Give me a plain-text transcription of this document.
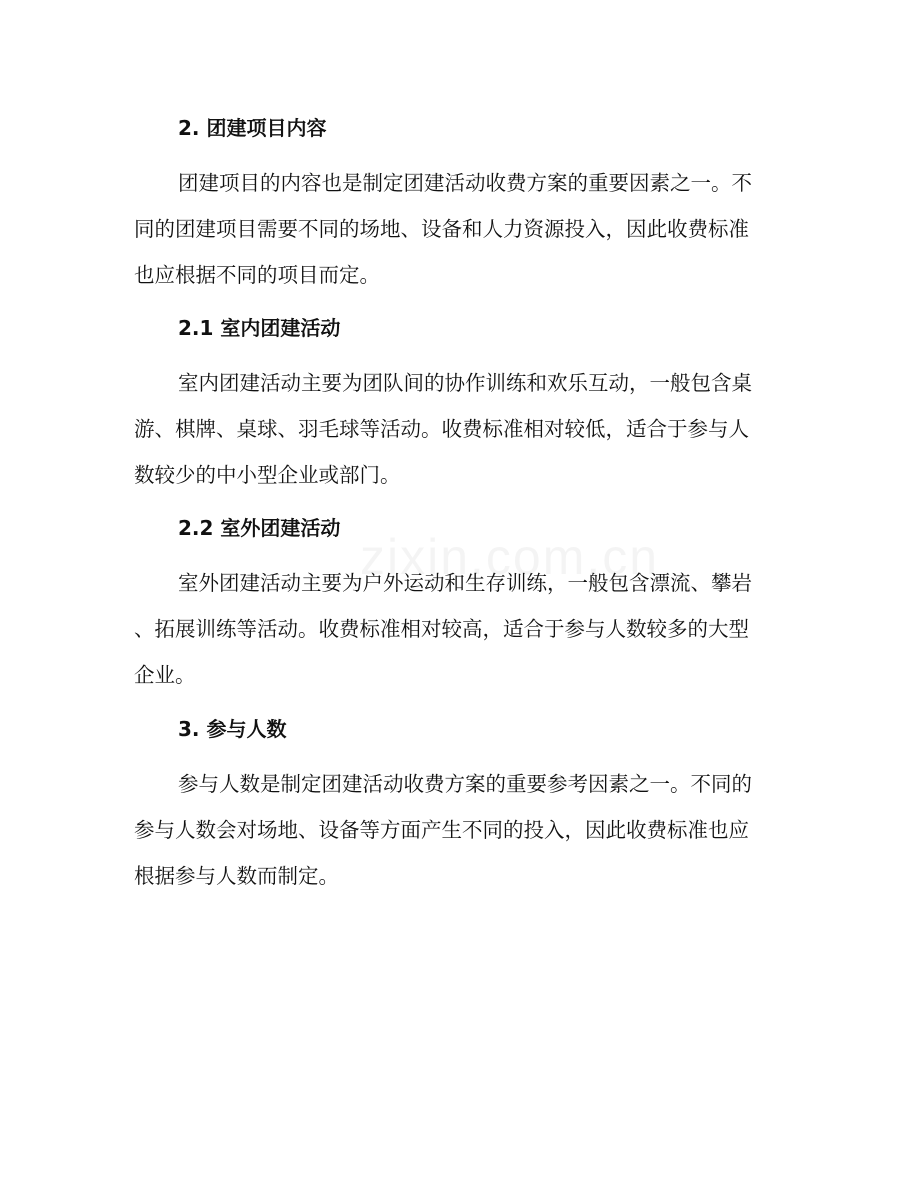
2. 团建项目内容
团建项目的内容也是制定团建活动收费方案的重要因素之一。不
同的团建项目需要不同的场地、设备和人力资源投入，因此收费标准
也应根据不同的项目而定。
2.1 室内团建活动
室内团建活动主要为团队间的协作训练和欢乐互动，一般包含桌
游、棋牌、桌球、羽毛球等活动。收费标准相对较低，适合于参与人
数较少的中小型企业或部门。
2.2 室外团建活动
室外团建活动主要为户外运动和生存训练，一般包含漂流、攀岩
、拓展训练等活动。收费标准相对较高，适合于参与人数较多的大型
企业。
3. 参与人数
参与人数是制定团建活动收费方案的重要参考因素之一。不同的
参与人数会对场地、设备等方面产生不同的投入，因此收费标准也应
根据参与人数而制定。
